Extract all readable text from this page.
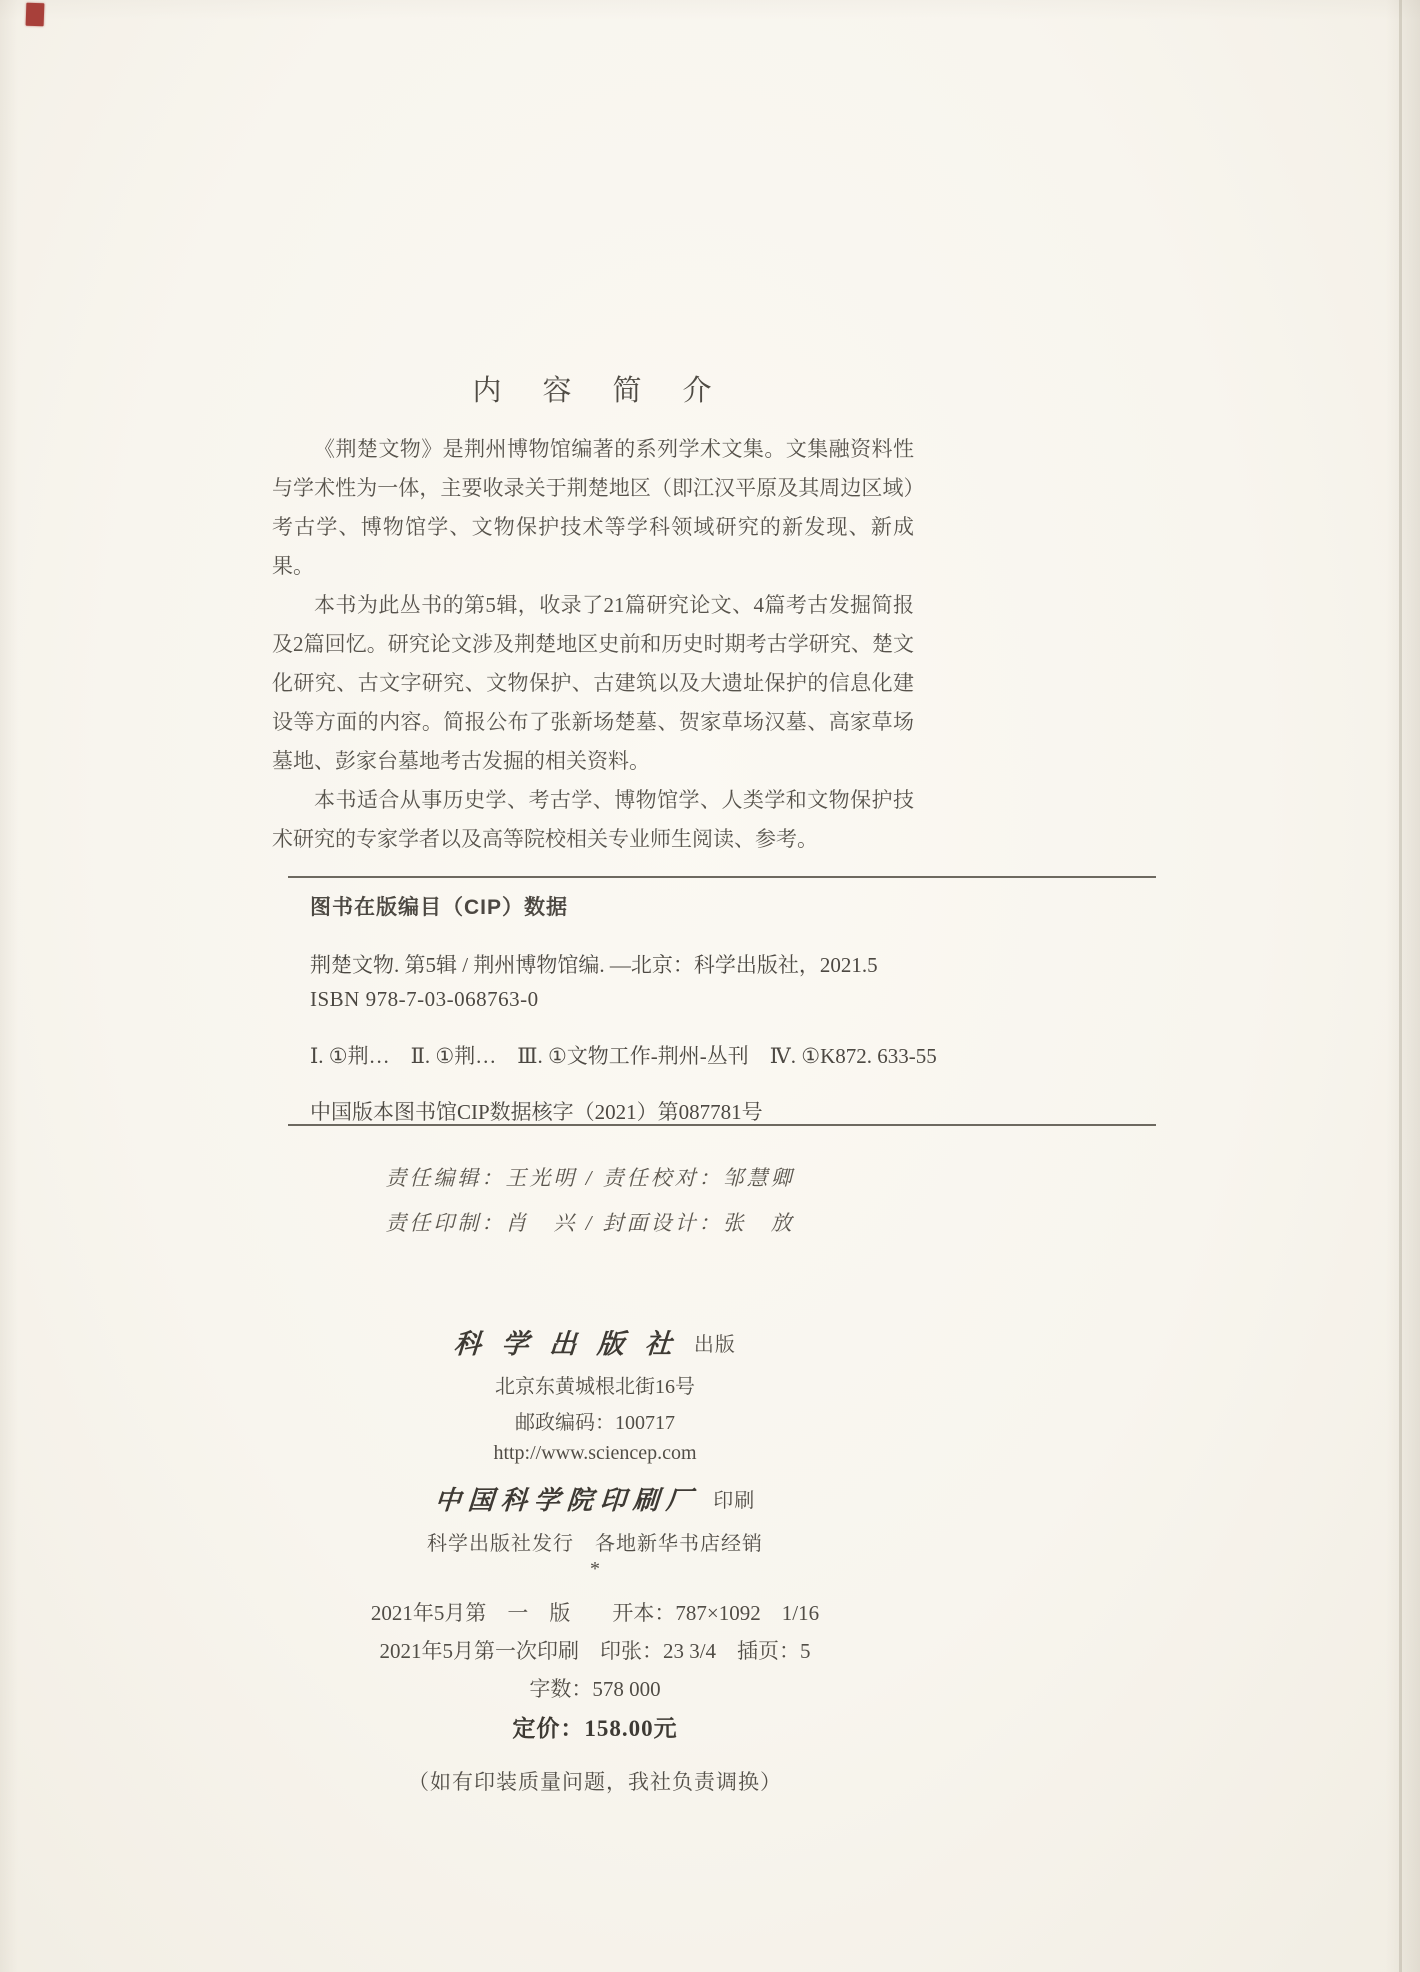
内　容　简　介

《荆楚文物》是荆州博物馆编著的系列学术文集。文集融资料性与学术性为一体，主要收录关于荆楚地区（即江汉平原及其周边区域）考古学、博物馆学、文物保护技术等学科领域研究的新发现、新成果。

本书为此丛书的第5辑，收录了21篇研究论文、4篇考古发掘简报及2篇回忆。研究论文涉及荆楚地区史前和历史时期考古学研究、楚文化研究、古文字研究、文物保护、古建筑以及大遗址保护的信息化建设等方面的内容。简报公布了张新场楚墓、贺家草场汉墓、高家草场墓地、彭家台墓地考古发掘的相关资料。

本书适合从事历史学、考古学、博物馆学、人类学和文物保护技术研究的专家学者以及高等院校相关专业师生阅读、参考。

图书在版编目（CIP）数据
荆楚文物. 第5辑 / 荆州博物馆编. —北京：科学出版社，2021.5
ISBN 978-7-03-068763-0
Ⅰ. ①荆…　Ⅱ. ①荆…　Ⅲ. ①文物工作-荆州-丛刊　Ⅳ. ①K872. 633-55
中国版本图书馆CIP数据核字（2021）第087781号
责任编辑：王光明 / 责任校对：邹慧卿
责任印制：肖　兴 / 封面设计：张　放
科 学 出 版 社 出版
北京东黄城根北街16号
邮政编码：100717
http://www.sciencep.com
中国科学院印刷厂 印刷
科学出版社发行　各地新华书店经销
*
2021年5月第　一　版　　开本：787×1092　1/16
2021年5月第一次印刷　印张：23 3/4　插页：5
字数：578 000
定价：158.00元
（如有印装质量问题，我社负责调换）
